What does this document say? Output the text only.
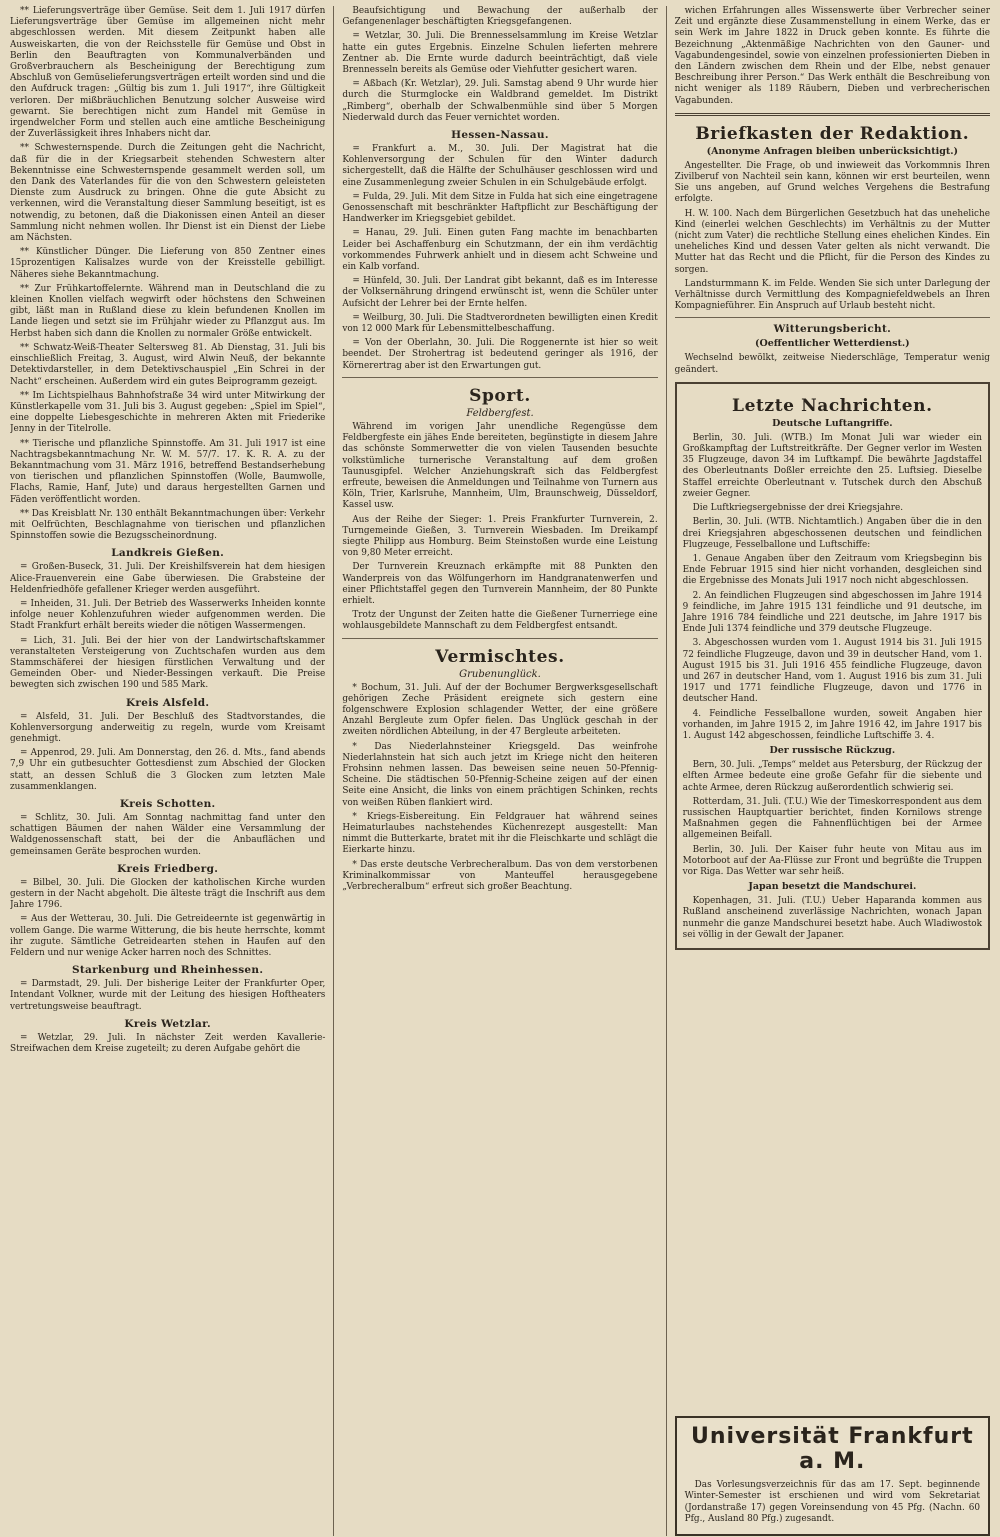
** Lieferungsverträge über Gemüse. Seit dem 1. Juli 1917 dürfen Lieferungsverträge über Gemüse im allgemeinen nicht mehr abgeschlossen werden. Mit diesem Zeitpunkt haben alle Ausweiskarten, die von der Reichsstelle für Gemüse und Obst in Berlin den Beauftragten von Kommunalverbänden und Großverbrauchern als Bescheinigung der Berechtigung zum Abschluß von Gemüselieferungsverträgen erteilt worden sind und die den Aufdruck tragen: „Gültig bis zum 1. Juli 1917“, ihre Gültigkeit verloren. Der mißbräuchlichen Benutzung solcher Ausweise wird gewarnt. Sie berechtigen nicht zum Handel mit Gemüse in irgendwelcher Form und stellen auch eine amtliche Bescheinigung der Zuverlässigkeit ihres Inhabers nicht dar.

** Schwesternspende. Durch die Zeitungen geht die Nachricht, daß für die in der Kriegsarbeit stehenden Schwestern alter Bekenntnisse eine Schwesternspende gesammelt werden soll, um den Dank des Vaterlandes für die von den Schwestern geleisteten Dienste zum Ausdruck zu bringen. Ohne die gute Absicht zu verkennen, wird die Veranstaltung dieser Sammlung beseitigt, ist es notwendig, zu betonen, daß die Diakonissen einen Anteil an dieser Sammlung nicht nehmen wollen. Ihr Dienst ist ein Dienst der Liebe am Nächsten.

** Künstlicher Dünger. Die Lieferung von 850 Zentner eines 15prozentigen Kalisalzes wurde von der Kreisstelle gebilligt. Näheres siehe Bekanntmachung.

** Zur Frühkartoffelernte. Während man in Deutschland die zu kleinen Knollen vielfach wegwirft oder höchstens den Schweinen gibt, läßt man in Rußland diese zu klein befundenen Knollen im Lande liegen und setzt sie im Frühjahr wieder zu Pflanzgut aus. Im Herbst haben sich dann die Knollen zu normaler Größe entwickelt.

** Schwatz-Weiß-Theater Seltersweg 81. Ab Dienstag, 31. Juli bis einschließlich Freitag, 3. August, wird Alwin Neuß, der bekannte Detektivdarsteller, in dem Detektivschauspiel „Ein Schrei in der Nacht“ erscheinen. Außerdem wird ein gutes Beiprogramm gezeigt.

** Im Lichtspielhaus Bahnhofstraße 34 wird unter Mitwirkung der Künstlerkapelle vom 31. Juli bis 3. August gegeben: „Spiel im Spiel“, eine doppelte Liebesgeschichte in mehreren Akten mit Friederike Jenny in der Titelrolle.

** Tierische und pflanzliche Spinnstoffe. Am 31. Juli 1917 ist eine Nachtragsbekanntmachung Nr. W. M. 57/7. 17. K. R. A. zu der Bekanntmachung vom 31. März 1916, betreffend Bestandserhebung von tierischen und pflanzlichen Spinnstoffen (Wolle, Baumwolle, Flachs, Ramie, Hanf, Jute) und daraus hergestellten Garnen und Fäden veröffentlicht worden.

** Das Kreisblatt Nr. 130 enthält Bekanntmachungen über: Verkehr mit Oelfrüchten, Beschlagnahme von tierischen und pflanzlichen Spinnstoffen sowie die Bezugsscheinordnung.

Landkreis Gießen.

= Großen-Buseck, 31. Juli. Der Kreishilfsverein hat dem hiesigen Alice-Frauenverein eine Gabe überwiesen. Die Grabsteine der Heldenfriedhöfe gefallener Krieger werden ausgeführt.

= Inheiden, 31. Juli. Der Betrieb des Wasserwerks Inheiden konnte infolge neuer Kohlenzufuhren wieder aufgenommen werden. Die Stadt Frankfurt erhält bereits wieder die nötigen Wassermengen.

= Lich, 31. Juli. Bei der hier von der Landwirtschaftskammer veranstalteten Versteigerung von Zuchtschafen wurden aus dem Stammschäferei der hiesigen fürstlichen Verwaltung und der Gemeinden Ober- und Nieder-Bessingen verkauft. Die Preise bewegten sich zwischen 190 und 585 Mark.

Kreis Alsfeld.

= Alsfeld, 31. Juli. Der Beschluß des Stadtvorstandes, die Kohlenversorgung anderweitig zu regeln, wurde vom Kreisamt genehmigt.

= Appenrod, 29. Juli. Am Donnerstag, den 26. d. Mts., fand abends 7,9 Uhr ein gutbesuchter Gottesdienst zum Abschied der Glocken statt, an dessen Schluß die 3 Glocken zum letzten Male zusammenklangen.

Kreis Schotten.

= Schlitz, 30. Juli. Am Sonntag nachmittag fand unter den schattigen Bäumen der nahen Wälder eine Versammlung der Waldgenossenschaft statt, bei der die Anbauflächen und gemeinsamen Geräte besprochen wurden.

Kreis Friedberg.

= Bilbel, 30. Juli. Die Glocken der katholischen Kirche wurden gestern in der Nacht abgeholt. Die älteste trägt die Inschrift aus dem Jahre 1796.

= Aus der Wetterau, 30. Juli. Die Getreideernte ist gegenwärtig in vollem Gange. Die warme Witterung, die bis heute herrschte, kommt ihr zugute. Sämtliche Getreidearten stehen in Haufen auf den Feldern und nur wenige Acker harren noch des Schnittes.

Starkenburg und Rheinhessen.

= Darmstadt, 29. Juli. Der bisherige Leiter der Frankfurter Oper, Intendant Volkner, wurde mit der Leitung des hiesigen Hoftheaters vertretungsweise beauftragt.

Kreis Wetzlar.

= Wetzlar, 29. Juli. In nächster Zeit werden Kavallerie-Streifwachen dem Kreise zugeteilt; zu deren Aufgabe gehört die

Beaufsichtigung und Bewachung der außerhalb der Gefangenenlager beschäftigten Kriegsgefangenen.

= Wetzlar, 30. Juli. Die Brennesselsammlung im Kreise Wetzlar hatte ein gutes Ergebnis. Einzelne Schulen lieferten mehrere Zentner ab. Die Ernte wurde dadurch beeinträchtigt, daß viele Brennesseln bereits als Gemüse oder Viehfutter gesichert waren.

= Aßbach (Kr. Wetzlar), 29. Juli. Samstag abend 9 Uhr wurde hier durch die Sturmglocke ein Waldbrand gemeldet. Im Distrikt „Rimberg“, oberhalb der Schwalbenmühle sind über 5 Morgen Niederwald durch das Feuer vernichtet worden.

Hessen-Nassau.

= Frankfurt a. M., 30. Juli. Der Magistrat hat die Kohlenversorgung der Schulen für den Winter dadurch sichergestellt, daß die Hälfte der Schulhäuser geschlossen wird und eine Zusammenlegung zweier Schulen in ein Schulgebäude erfolgt.

= Fulda, 29. Juli. Mit dem Sitze in Fulda hat sich eine eingetragene Genossenschaft mit beschränkter Haftpflicht zur Beschäftigung der Handwerker im Kriegsgebiet gebildet.

= Hanau, 29. Juli. Einen guten Fang machte im benachbarten Leider bei Aschaffenburg ein Schutzmann, der ein ihm verdächtig vorkommendes Fuhrwerk anhielt und in diesem acht Schweine und ein Kalb vorfand.

= Hünfeld, 30. Juli. Der Landrat gibt bekannt, daß es im Interesse der Volksernährung dringend erwünscht ist, wenn die Schüler unter Aufsicht der Lehrer bei der Ernte helfen.

= Weilburg, 30. Juli. Die Stadtverordneten bewilligten einen Kredit von 12 000 Mark für Lebensmittelbeschaffung.

= Von der Oberlahn, 30. Juli. Die Roggenernte ist hier so weit beendet. Der Strohertrag ist bedeutend geringer als 1916, der Körnerertrag aber ist den Erwartungen gut.

Sport.
Feldbergfest.

Während im vorigen Jahr unendliche Regengüsse dem Feldbergfeste ein jähes Ende bereiteten, begünstigte in diesem Jahre das schönste Sommerwetter die von vielen Tausenden besuchte volkstümliche turnerische Veranstaltung auf dem großen Taunusgipfel. Welcher Anziehungskraft sich das Feldbergfest erfreute, beweisen die Anmeldungen und Teilnahme von Turnern aus Köln, Trier, Karlsruhe, Mannheim, Ulm, Braunschweig, Düsseldorf, Kassel usw.

Aus der Reihe der Sieger: 1. Preis Frankfurter Turnverein, 2. Turngemeinde Gießen, 3. Turnverein Wiesbaden. Im Dreikampf siegte Philipp aus Homburg. Beim Steinstoßen wurde eine Leistung von 9,80 Meter erreicht.

Der Turnverein Kreuznach erkämpfte mit 88 Punkten den Wanderpreis von das Wölfungerhorn im Handgranatenwerfen und einer Pflichtstaffel gegen den Turnverein Mannheim, der 80 Punkte erhielt.

Trotz der Ungunst der Zeiten hatte die Gießener Turnerriege eine wohlausgebildete Mannschaft zu dem Feldbergfest entsandt.

Vermischtes.
Grubenunglück.

* Bochum, 31. Juli. Auf der der Bochumer Bergwerksgesellschaft gehörigen Zeche Präsident ereignete sich gestern eine folgenschwere Explosion schlagender Wetter, der eine größere Anzahl Bergleute zum Opfer fielen. Das Unglück geschah in der zweiten nördlichen Abteilung, in der 47 Bergleute arbeiteten.

* Das Niederlahnsteiner Kriegsgeld. Das weinfrohe Niederlahnstein hat sich auch jetzt im Kriege nicht den heiteren Frohsinn nehmen lassen. Das beweisen seine neuen 50-Pfennig-Scheine. Die städtischen 50-Pfennig-Scheine zeigen auf der einen Seite eine Ansicht, die links von einem prächtigen Schinken, rechts von weißen Rüben flankiert wird.

* Kriegs-Eisbereitung. Ein Feldgrauer hat während seines Heimaturlaubes nachstehendes Küchenrezept ausgestellt: Man nimmt die Butterkarte, bratet mit ihr die Fleischkarte und schlägt die Eierkarte hinzu.

* Das erste deutsche Verbrecheralbum. Das von dem verstorbenen Kriminalkommissar von Manteuffel herausgegebene „Verbrecheralbum“ erfreut sich großer Beachtung.

wichen Erfahrungen alles Wissenswerte über Verbrecher seiner Zeit und ergänzte diese Zusammenstellung in einem Werke, das er sein Werk im Jahre 1822 in Druck geben konnte. Es führte die Bezeichnung „Aktenmäßige Nachrichten von den Gauner- und Vagabundengesindel, sowie von einzelnen professionierten Dieben in den Ländern zwischen dem Rhein und der Elbe, nebst genauer Beschreibung ihrer Person.“ Das Werk enthält die Beschreibung von nicht weniger als 1189 Räubern, Dieben und verbrecherischen Vagabunden.

Briefkasten der Redaktion.
(Anonyme Anfragen bleiben unberücksichtigt.)

Angestellter. Die Frage, ob und inwieweit das Vorkommnis Ihren Zivilberuf von Nachteil sein kann, können wir erst beurteilen, wenn Sie uns angeben, auf Grund welches Vergehens die Bestrafung erfolgte.

H. W. 100. Nach dem Bürgerlichen Gesetzbuch hat das uneheliche Kind (einerlei welchen Geschlechts) im Verhältnis zu der Mutter (nicht zum Vater) die rechtliche Stellung eines ehelichen Kindes. Ein uneheliches Kind und dessen Vater gelten als nicht verwandt. Die Mutter hat das Recht und die Pflicht, für die Person des Kindes zu sorgen.

Landsturmmann K. im Felde. Wenden Sie sich unter Darlegung der Verhältnisse durch Vermittlung des Kompagniefeldwebels an Ihren Kompagnieführer. Ein Anspruch auf Urlaub besteht nicht.

Witterungsbericht.
(Oeffentlicher Wetterdienst.)

Wechselnd bewölkt, zeitweise Niederschläge, Temperatur wenig geändert.

Letzte Nachrichten.
Deutsche Luftangriffe.

Berlin, 30. Juli. (WTB.) Im Monat Juli war wieder ein Großkampftag der Luftstreitkräfte. Der Gegner verlor im Westen 35 Flugzeuge, davon 34 im Luftkampf. Die bewährte Jagdstaffel des Oberleutnants Doßler erreichte den 25. Luftsieg. Dieselbe Staffel erreichte Oberleutnant v. Tutschek durch den Abschuß zweier Gegner.

Die Luftkriegsergebnisse der drei Kriegsjahre.

Berlin, 30. Juli. (WTB. Nichtamtlich.) Angaben über die in den drei Kriegsjahren abgeschossenen deutschen und feindlichen Flugzeuge, Fesselballone und Luftschiffe:

1. Genaue Angaben über den Zeitraum vom Kriegsbeginn bis Ende Februar 1915 sind hier nicht vorhanden, desgleichen sind die Ergebnisse des Monats Juli 1917 noch nicht abgeschlossen.

2. An feindlichen Flugzeugen sind abgeschossen im Jahre 1914 9 feindliche, im Jahre 1915 131 feindliche und 91 deutsche, im Jahre 1916 784 feindliche und 221 deutsche, im Jahre 1917 bis Ende Juli 1374 feindliche und 379 deutsche Flugzeuge.

3. Abgeschossen wurden vom 1. August 1914 bis 31. Juli 1915 72 feindliche Flugzeuge, davon und 39 in deutscher Hand, vom 1. August 1915 bis 31. Juli 1916 455 feindliche Flugzeuge, davon und 267 in deutscher Hand, vom 1. August 1916 bis zum 31. Juli 1917 und 1771 feindliche Flugzeuge, davon und 1776 in deutscher Hand.

4. Feindliche Fesselballone wurden, soweit Angaben hier vorhanden, im Jahre 1915 2, im Jahre 1916 42, im Jahre 1917 bis 1. August 142 abgeschossen, feindliche Luftschiffe 3. 4.

Der russische Rückzug.

Bern, 30. Juli. „Temps“ meldet aus Petersburg, der Rückzug der elften Armee bedeute eine große Gefahr für die siebente und achte Armee, deren Rückzug außerordentlich schwierig sei.

Rotterdam, 31. Juli. (T.U.) Wie der Timeskorrespondent aus dem russischen Hauptquartier berichtet, finden Kornilows strenge Maßnahmen gegen die Fahnenflüchtigen bei der Armee allgemeinen Beifall.

Berlin, 30. Juli. Der Kaiser fuhr heute von Mitau aus im Motorboot auf der Aa-Flüsse zur Front und begrüßte die Truppen vor Riga. Das Wetter war sehr heiß.

Japan besetzt die Mandschurei.

Kopenhagen, 31. Juli. (T.U.) Ueber Haparanda kommen aus Rußland anscheinend zuverlässige Nachrichten, wonach Japan nunmehr die ganze Mandschurei besetzt habe. Auch Wladiwostok sei völlig in der Gewalt der Japaner.

Universität Frankfurt a. M.

Das Vorlesungsverzeichnis für das am 17. Sept. beginnende Winter-Semester ist erschienen und wird vom Sekretariat (Jordanstraße 17) gegen Voreinsendung von 45 Pfg. (Nachn. 60 Pfg., Ausland 80 Pfg.) zugesandt.
